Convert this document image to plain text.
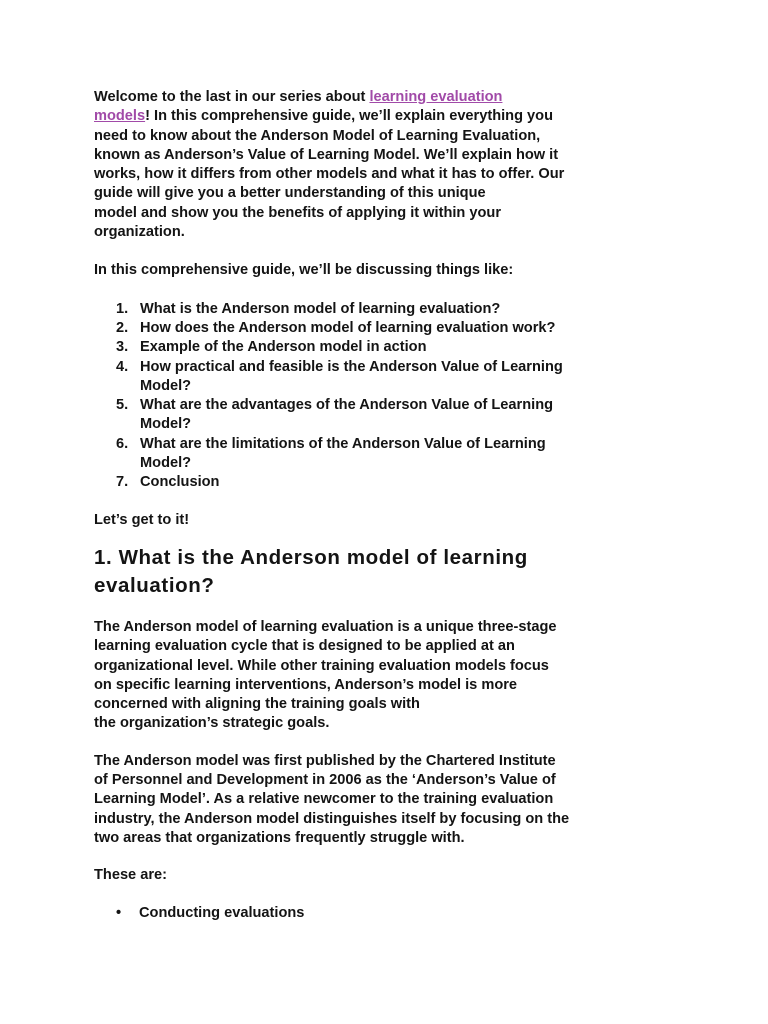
Welcome to the last in our series about learning evaluation
models! In this comprehensive guide, we’ll explain everything you
need to know about the Anderson Model of Learning Evaluation,
known as Anderson’s Value of Learning Model. We’ll explain how it
works, how it differs from other models and what it has to offer. Our
guide will give you a better understanding of this unique
model and show you the benefits of applying it within your
organization.

In this comprehensive guide, we’ll be discussing things like:

1. What is the Anderson model of learning evaluation?
2. How does the Anderson model of learning evaluation work?
3. Example of the Anderson model in action
4. How practical and feasible is the Anderson Value of Learning
Model?
5. What are the advantages of the Anderson Value of Learning
Model?
6. What are the limitations of the Anderson Value of Learning
Model?
7. Conclusion

Let’s get to it!

1. What is the Anderson model of learning
evaluation?

The Anderson model of learning evaluation is a unique three-stage
learning evaluation cycle that is designed to be applied at an
organizational level. While other training evaluation models focus
on specific learning interventions, Anderson’s model is more
concerned with aligning the training goals with
the organization’s strategic goals.

The Anderson model was first published by the Chartered Institute
of Personnel and Development in 2006 as the ‘Anderson’s Value of
Learning Model’. As a relative newcomer to the training evaluation
industry, the Anderson model distinguishes itself by focusing on the
two areas that organizations frequently struggle with.

These are:

• Conducting evaluations
